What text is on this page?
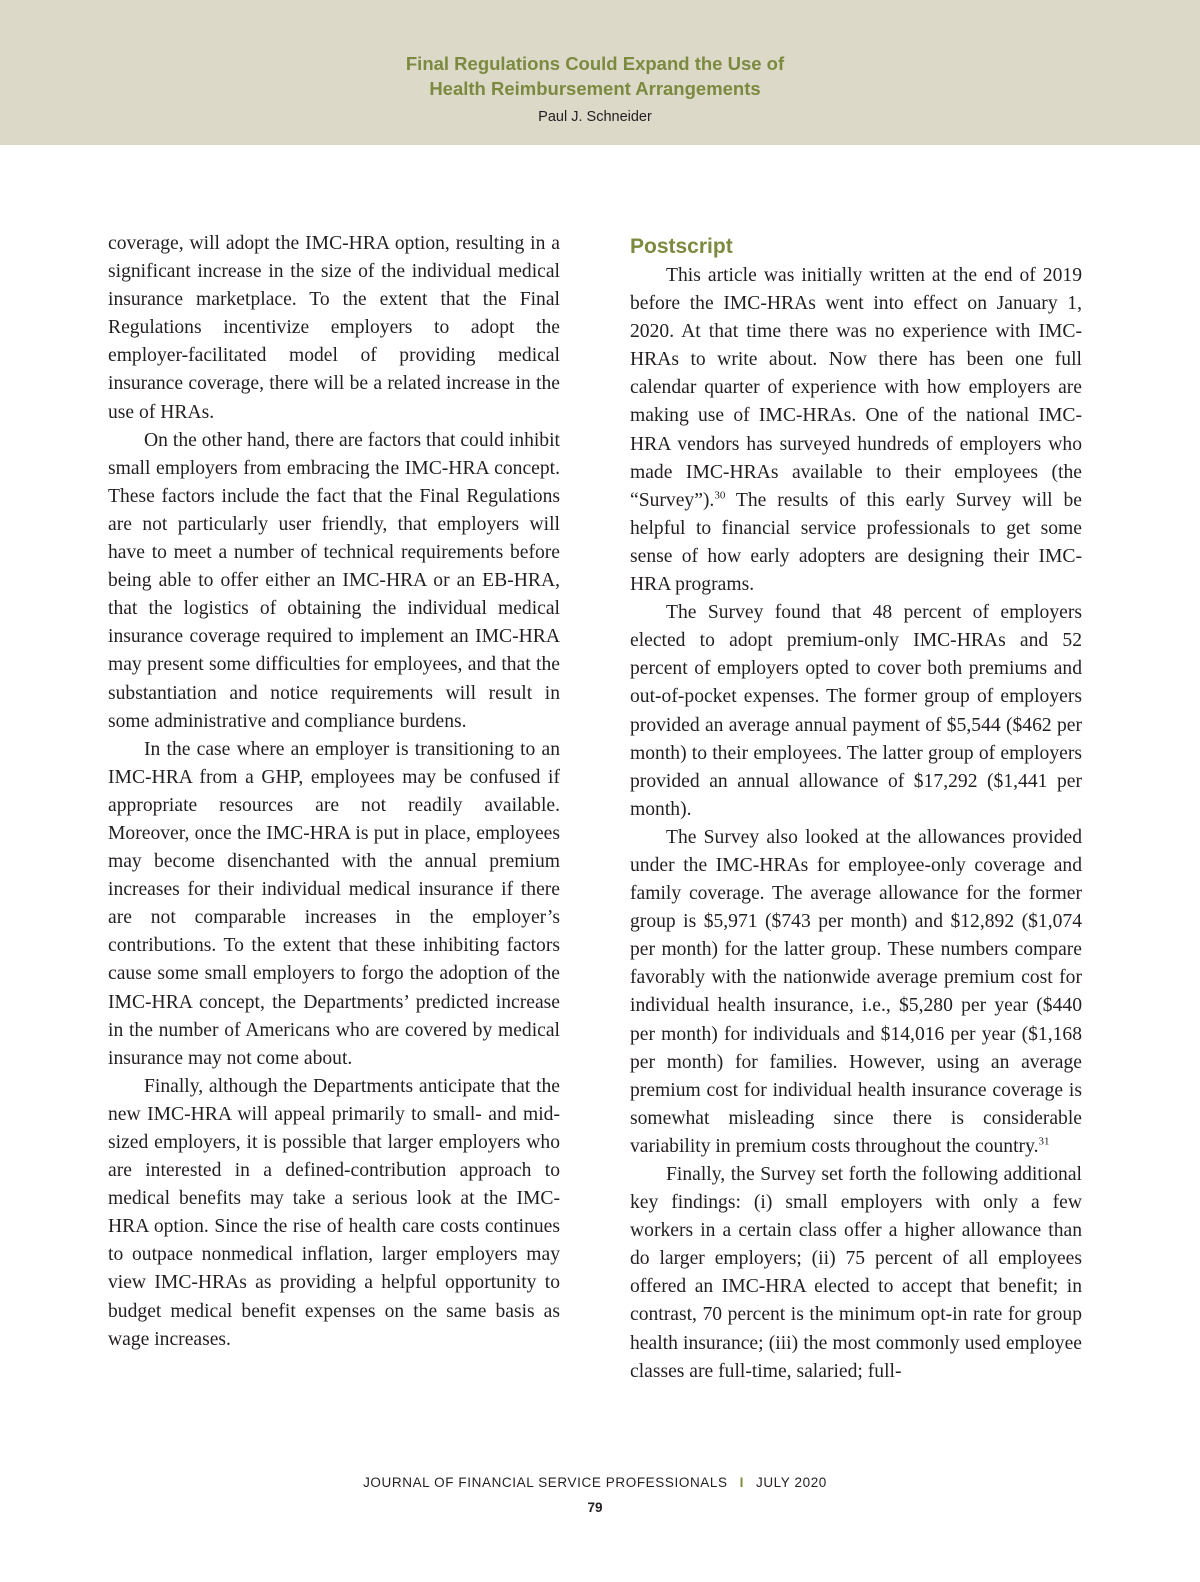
Final Regulations Could Expand the Use of
Health Reimbursement Arrangements
Paul J. Schneider

coverage, will adopt the IMC-HRA option, resulting in a significant increase in the size of the individual medical insurance marketplace. To the extent that the Final Regulations incentivize employers to adopt the employer-facilitated model of providing medical insurance coverage, there will be a related increase in the use of HRAs.

On the other hand, there are factors that could inhibit small employers from embracing the IMC-HRA concept. These factors include the fact that the Final Regulations are not particularly user friendly, that employers will have to meet a number of technical requirements before being able to offer either an IMC-HRA or an EB-HRA, that the logistics of obtaining the individual medical insurance coverage required to implement an IMC-HRA may present some difficulties for employees, and that the substantiation and notice requirements will result in some administrative and compliance burdens.

In the case where an employer is transitioning to an IMC-HRA from a GHP, employees may be confused if appropriate resources are not readily available. Moreover, once the IMC-HRA is put in place, employees may become disenchanted with the annual premium increases for their individual medical insurance if there are not comparable increases in the employer’s contributions. To the extent that these inhibiting factors cause some small employers to forgo the adoption of the IMC-HRA concept, the Departments’ predicted increase in the number of Americans who are covered by medical insurance may not come about.

Finally, although the Departments anticipate that the new IMC-HRA will appeal primarily to small- and mid-sized employers, it is possible that larger employers who are interested in a defined-contribution approach to medical benefits may take a serious look at the IMC-HRA option. Since the rise of health care costs continues to outpace nonmedical inflation, larger employers may view IMC-HRAs as providing a helpful opportunity to budget medical benefit expenses on the same basis as wage increases.

Postscript

This article was initially written at the end of 2019 before the IMC-HRAs went into effect on January 1, 2020. At that time there was no experience with IMC-HRAs to write about. Now there has been one full calendar quarter of experience with how employers are making use of IMC-HRAs. One of the national IMC-HRA vendors has surveyed hundreds of employers who made IMC-HRAs available to their employees (the “Survey”).$^{30}$ The results of this early Survey will be helpful to financial service professionals to get some sense of how early adopters are designing their IMC-HRA programs.

The Survey found that 48 percent of employers elected to adopt premium-only IMC-HRAs and 52 percent of employers opted to cover both premiums and out-of-pocket expenses. The former group of employers provided an average annual payment of $5,544 ($462 per month) to their employees. The latter group of employers provided an annual allowance of $17,292 ($1,441 per month).

The Survey also looked at the allowances provided under the IMC-HRAs for employee-only coverage and family coverage. The average allowance for the former group is $5,971 ($743 per month) and $12,892 ($1,074 per month) for the latter group. These numbers compare favorably with the nationwide average premium cost for individual health insurance, i.e., $5,280 per year ($440 per month) for individuals and $14,016 per year ($1,168 per month) for families. However, using an average premium cost for individual health insurance coverage is somewhat misleading since there is considerable variability in premium costs throughout the country.$^{31}$

Finally, the Survey set forth the following additional key findings: (i) small employers with only a few workers in a certain class offer a higher allowance than do larger employers; (ii) 75 percent of all employees offered an IMC-HRA elected to accept that benefit; in contrast, 70 percent is the minimum opt-in rate for group health insurance; (iii) the most commonly used employee classes are full-time, salaried; full-

JOURNAL OF FINANCIAL SERVICE PROFESSIONALS I JULY 2020
79
